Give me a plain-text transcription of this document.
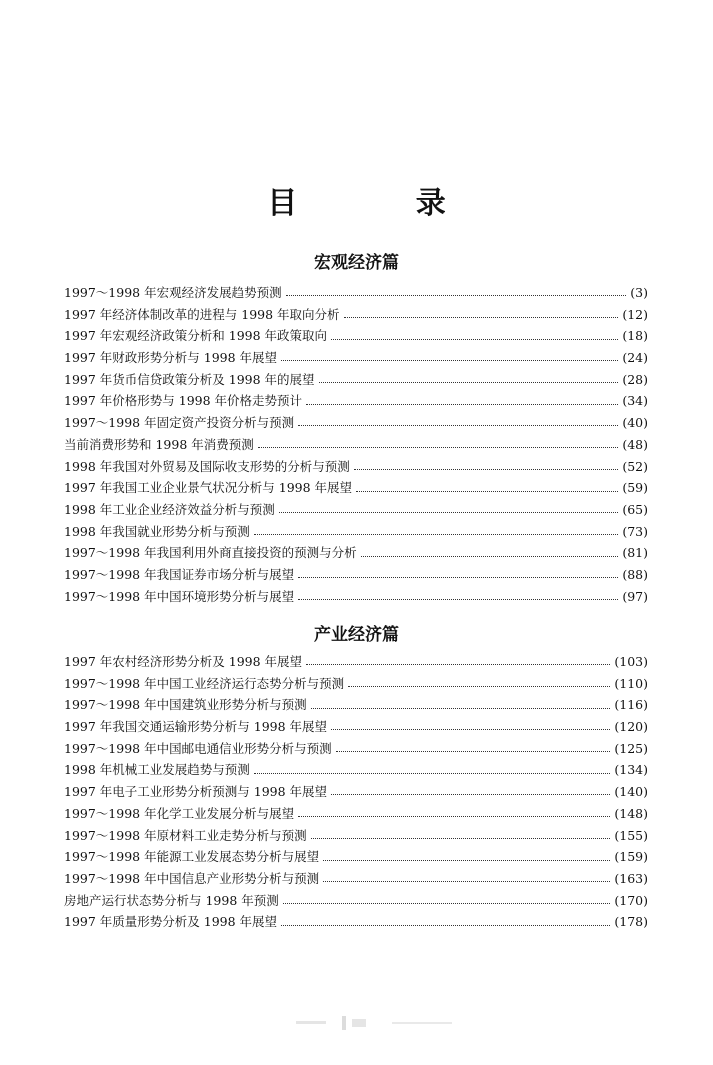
目 录
宏观经济篇
1997～1998 年宏观经济发展趋势预测	(3)
1997 年经济体制改革的进程与 1998 年取向分析	(12)
1997 年宏观经济政策分析和 1998 年政策取向	(18)
1997 年财政形势分析与 1998 年展望	(24)
1997 年货币信贷政策分析及 1998 年的展望	(28)
1997 年价格形势与 1998 年价格走势预计	(34)
1997～1998 年固定资产投资分析与预测	(40)
当前消费形势和 1998 年消费预测	(48)
1998 年我国对外贸易及国际收支形势的分析与预测	(52)
1997 年我国工业企业景气状况分析与 1998 年展望	(59)
1998 年工业企业经济效益分析与预测	(65)
1998 年我国就业形势分析与预测	(73)
1997～1998 年我国利用外商直接投资的预测与分析	(81)
1997～1998 年我国证券市场分析与展望	(88)
1997～1998 年中国环境形势分析与展望	(97)
产业经济篇
1997 年农村经济形势分析及 1998 年展望	(103)
1997～1998 年中国工业经济运行态势分析与预测	(110)
1997～1998 年中国建筑业形势分析与预测	(116)
1997 年我国交通运输形势分析与 1998 年展望	(120)
1997～1998 年中国邮电通信业形势分析与预测	(125)
1998 年机械工业发展趋势与预测	(134)
1997 年电子工业形势分析预测与 1998 年展望	(140)
1997～1998 年化学工业发展分析与展望	(148)
1997～1998 年原材料工业走势分析与预测	(155)
1997～1998 年能源工业发展态势分析与展望	(159)
1997～1998 年中国信息产业形势分析与预测	(163)
房地产运行状态势分析与 1998 年预测	(170)
1997 年质量形势分析及 1998 年展望	(178)
